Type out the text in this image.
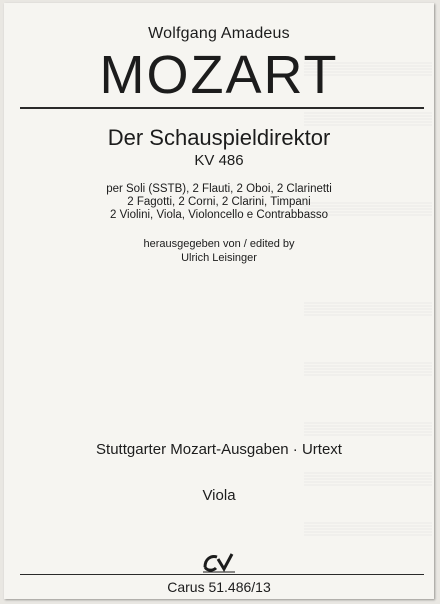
Wolfgang Amadeus
MOZART
Der Schauspieldirektor
KV 486
per Soli (SSTB), 2 Flauti, 2 Oboi, 2 Clarinetti
2 Fagotti, 2 Corni, 2 Clarini, Timpani
2 Violini, Viola, Violoncello e Contrabbasso
herausgegeben von / edited by
Ulrich Leisinger
Stuttgarter Mozart-Ausgaben · Urtext
Viola
Carus 51.486/13
